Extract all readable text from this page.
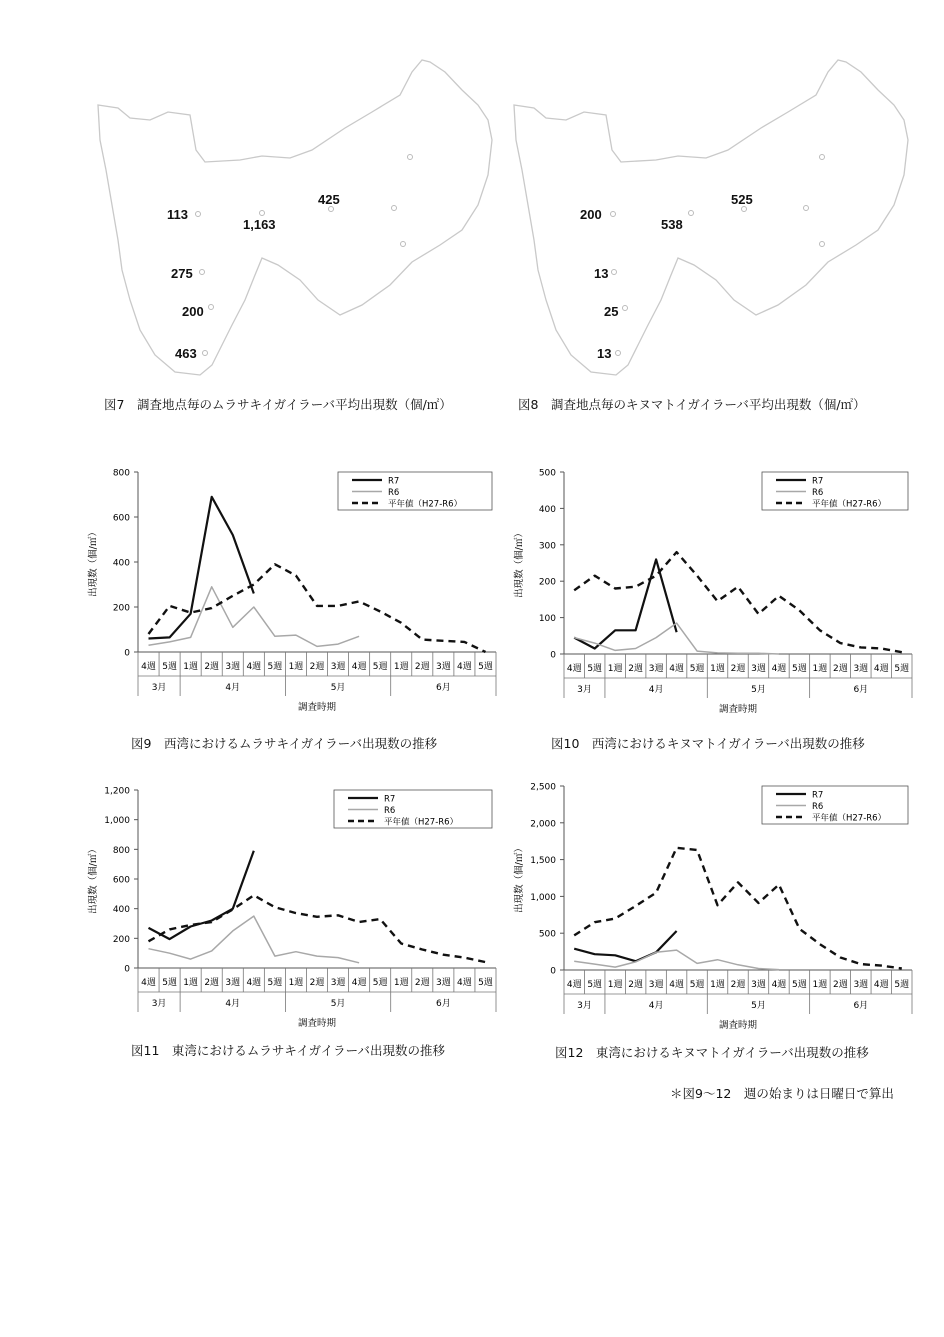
113
1,163
425
275
200
463
200
538
525
13
25
13
図7　調査地点毎のムラサキイガイラーバ平均出現数（個/㎡）	図8　調査地点毎のキヌマトイガイラーバ平均出現数（個/㎡）
0
200
400
600
800
出現数（個/㎡）
4週 5週 1週 2週 3週 4週 5週 1週 2週 3週 4週 5週 1週 2週 3週 4週 5週
3月	4月	5月	6月
調査時期
R7
R6
平年値（H27-R6）
0
100
200
300
400
500
出現数（個/㎡）
4週 5週 1週 2週 3週 4週 5週 1週 2週 3週 4週 5週 1週 2週 3週 4週 5週
3月	4月	5月	6月
調査時期
R7
R6
平年値（H27-R6）
0
200
400
600
800
1,000
1,200
出現数（個/㎡）
4週 5週 1週 2週 3週 4週 5週 1週 2週 3週 4週 5週 1週 2週 3週 4週 5週
3月	4月	5月	6月
調査時期
R7
R6
平年値（H27-R6）
0
500
1,000
1,500
2,000
2,500
出現数（個/㎡）
4週 5週 1週 2週 3週 4週 5週 1週 2週 3週 4週 5週 1週 2週 3週 4週 5週
3月	4月	5月	6月
調査時期
R7
R6
平年値（H27-R6）
図9　西湾におけるムラサキイガイラーバ出現数の推移	図10　西湾におけるキヌマトイガイラーバ出現数の推移
図11　東湾におけるムラサキイガイラーバ出現数の推移	図12　東湾におけるキヌマトイガイラーバ出現数の推移
＊図9～12　週の始まりは日曜日で算出
